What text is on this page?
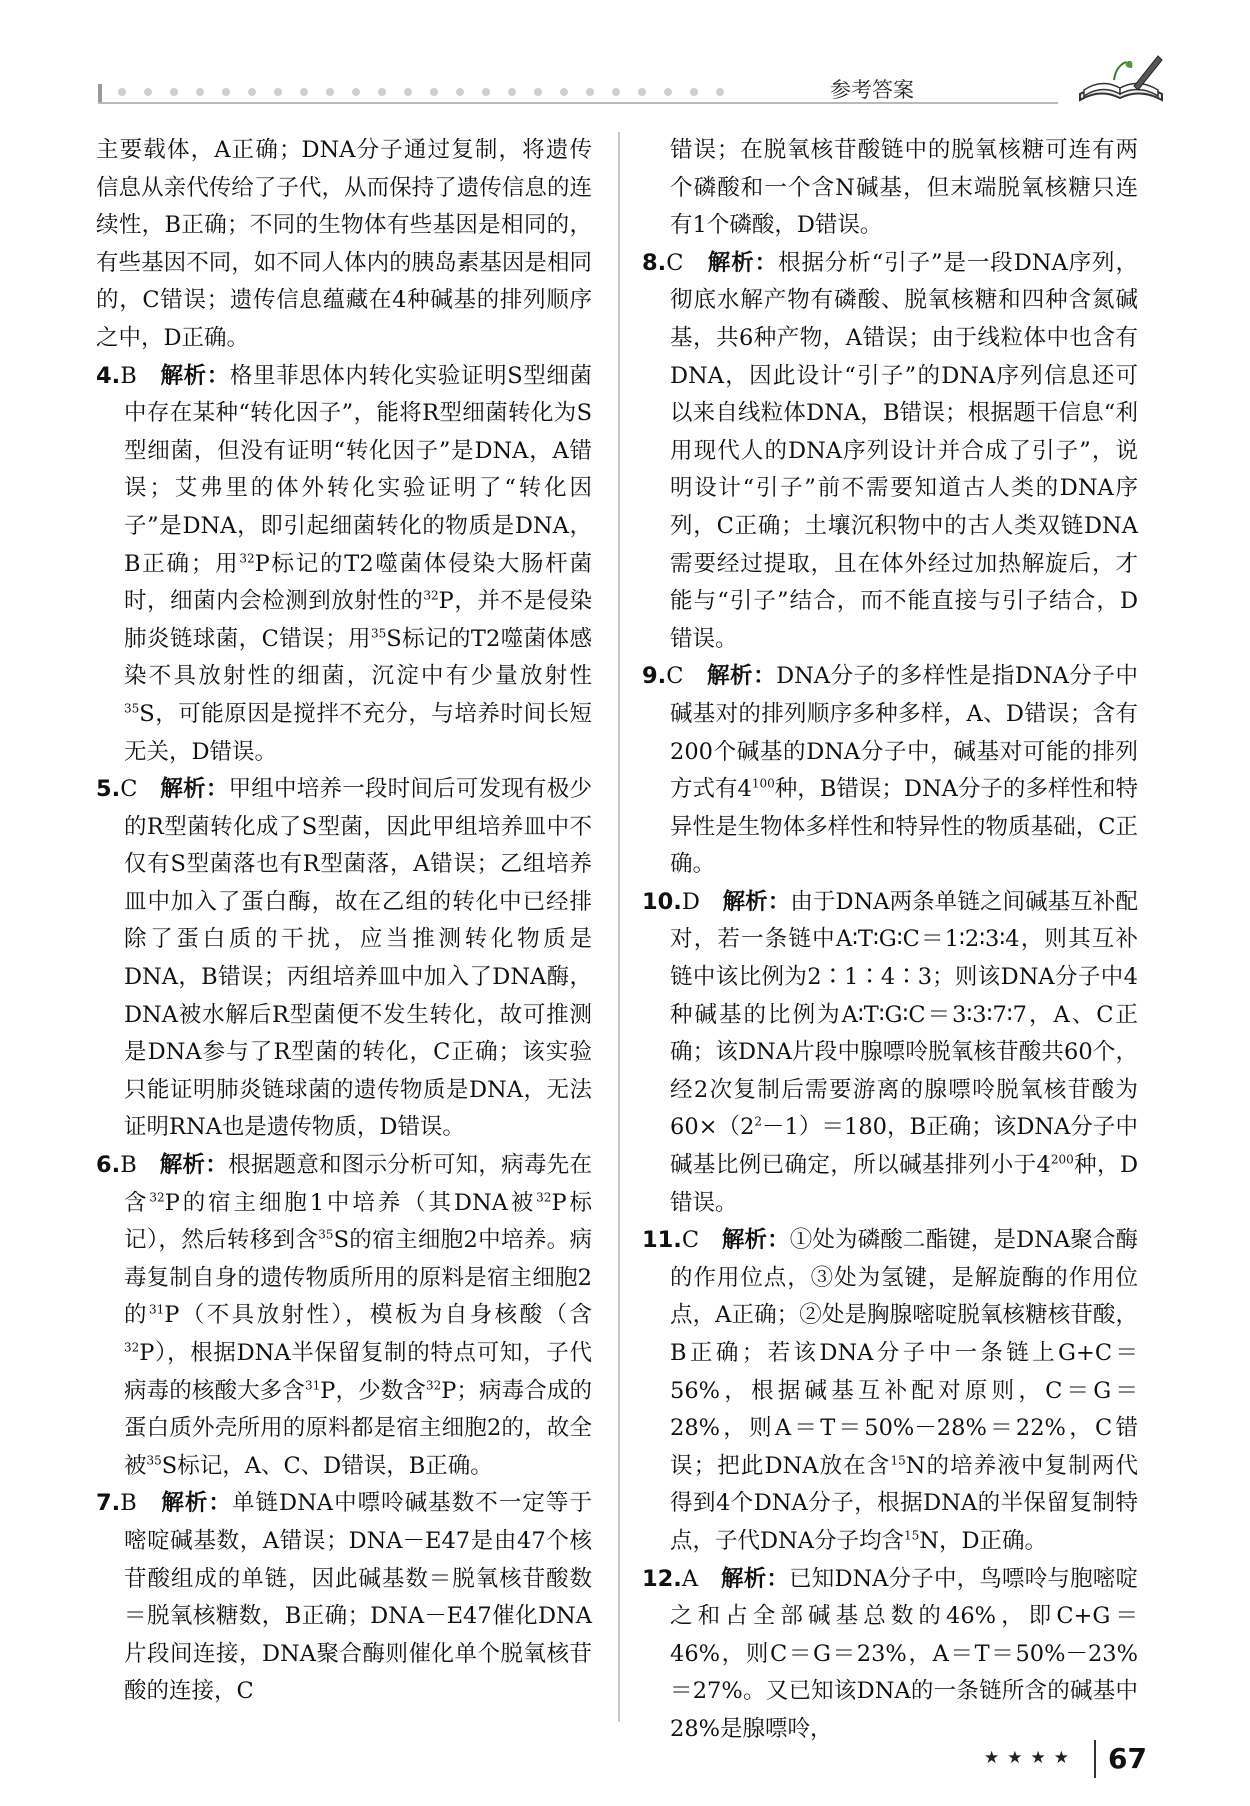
参考答案

主要载体，A正确；DNA分子通过复制，将遗传信息从亲代传给了子代，从而保持了遗传信息的连续性，B正确；不同的生物体有些基因是相同的，有些基因不同，如不同人体内的胰岛素基因是相同的，C错误；遗传信息蕴藏在4种碱基的排列顺序之中，D正确。

4.B　 解析：格里菲思体内转化实验证明S型细菌中存在某种“转化因子”，能将R型细菌转化为S型细菌，但没有证明“转化因子”是DNA，A错误；艾弗里的体外转化实验证明了“转化因子”是DNA，即引起细菌转化的物质是DNA，B正确；用$^{32}$P标记的T2噬菌体侵染大肠杆菌时，细菌内会检测到放射性的$^{32}$P，并不是侵染肺炎链球菌，C错误；用$^{35}$S标记的T2噬菌体感染不具放射性的细菌，沉淀中有少量放射性$^{35}$S，可能原因是搅拌不充分，与培养时间长短无关，D错误。

5.C　 解析：甲组中培养一段时间后可发现有极少的R型菌转化成了S型菌，因此甲组培养皿中不仅有S型菌落也有R型菌落，A错误；乙组培养皿中加入了蛋白酶，故在乙组的转化中已经排除了蛋白质的干扰，应当推测转化物质是DNA，B错误；丙组培养皿中加入了DNA酶，DNA被水解后R型菌便不发生转化，故可推测是DNA参与了R型菌的转化，C正确；该实验只能证明肺炎链球菌的遗传物质是DNA，无法证明RNA也是遗传物质，D错误。

6.B　 解析：根据题意和图示分析可知，病毒先在含$^{32}$P的宿主细胞1中培养（其DNA被$^{32}$P标记），然后转移到含$^{35}$S的宿主细胞2中培养。病毒复制自身的遗传物质所用的原料是宿主细胞2的$^{31}$P（不具放射性），模板为自身核酸（含$^{32}$P），根据DNA半保留复制的特点可知，子代病毒的核酸大多含$^{31}$P，少数含$^{32}$P；病毒合成的蛋白质外壳所用的原料都是宿主细胞2的，故全被$^{35}$S标记，A、C、D错误，B正确。

7.B　 解析：单链DNA中嘌呤碱基数不一定等于嘧啶碱基数，A错误；DNA－E47是由47个核苷酸组成的单链，因此碱基数＝脱氧核苷酸数＝脱氧核糖数，B正确；DNA－E47催化DNA片段间连接，DNA聚合酶则催化单个脱氧核苷酸的连接，C

错误；在脱氧核苷酸链中的脱氧核糖可连有两个磷酸和一个含N碱基，但末端脱氧核糖只连有1个磷酸，D错误。

8.C　 解析：根据分析“引子”是一段DNA序列，彻底水解产物有磷酸、脱氧核糖和四种含氮碱基，共6种产物，A错误；由于线粒体中也含有DNA，因此设计“引子”的DNA序列信息还可以来自线粒体DNA，B错误；根据题干信息“利用现代人的DNA序列设计并合成了引子”，说明设计“引子”前不需要知道古人类的DNA序列，C正确；土壤沉积物中的古人类双链DNA需要经过提取，且在体外经过加热解旋后，才能与“引子”结合，而不能直接与引子结合，D错误。

9.C　 解析：DNA分子的多样性是指DNA分子中碱基对的排列顺序多种多样，A、D错误；含有200个碱基的DNA分子中，碱基对可能的排列方式有$4^{100}$种，B错误；DNA分子的多样性和特异性是生物体多样性和特异性的物质基础，C正确。

10.D　 解析：由于DNA两条单链之间碱基互补配对，若一条链中A∶T∶G∶C＝1∶2∶3∶4，则其互补链中该比例为2∶1∶4∶3；则该DNA分子中4种碱基的比例为A∶T∶G∶C＝3∶3∶7∶7，A、C正确；该DNA片段中腺嘌呤脱氧核苷酸共60个，经2次复制后需要游离的腺嘌呤脱氧核苷酸为$60\times(2^2-1)=180$，B正确；该DNA分子中碱基比例已确定，所以碱基排列小于$4^{200}$种，D错误。

11.C　 解析：①处为磷酸二酯键，是DNA聚合酶的作用位点，③处为氢键，是解旋酶的作用位点，A正确；②处是胸腺嘧啶脱氧核糖核苷酸，B正确；若该DNA分子中一条链上G+C＝56%，根据碱基互补配对原则，C＝G＝28%，则A＝T＝50%－28%＝22%，C错误；把此DNA放在含$^{15}$N的培养液中复制两代得到4个DNA分子，根据DNA的半保留复制特点，子代DNA分子均含$^{15}$N，D正确。

12.A　 解析：已知DNA分子中，鸟嘌呤与胞嘧啶之和占全部碱基总数的46%，即C+G＝46%，则C＝G＝23%，A＝T＝50%－23%＝27%。又已知该DNA的一条链所含的碱基中28%是腺嘌呤，

★★★★ 67
